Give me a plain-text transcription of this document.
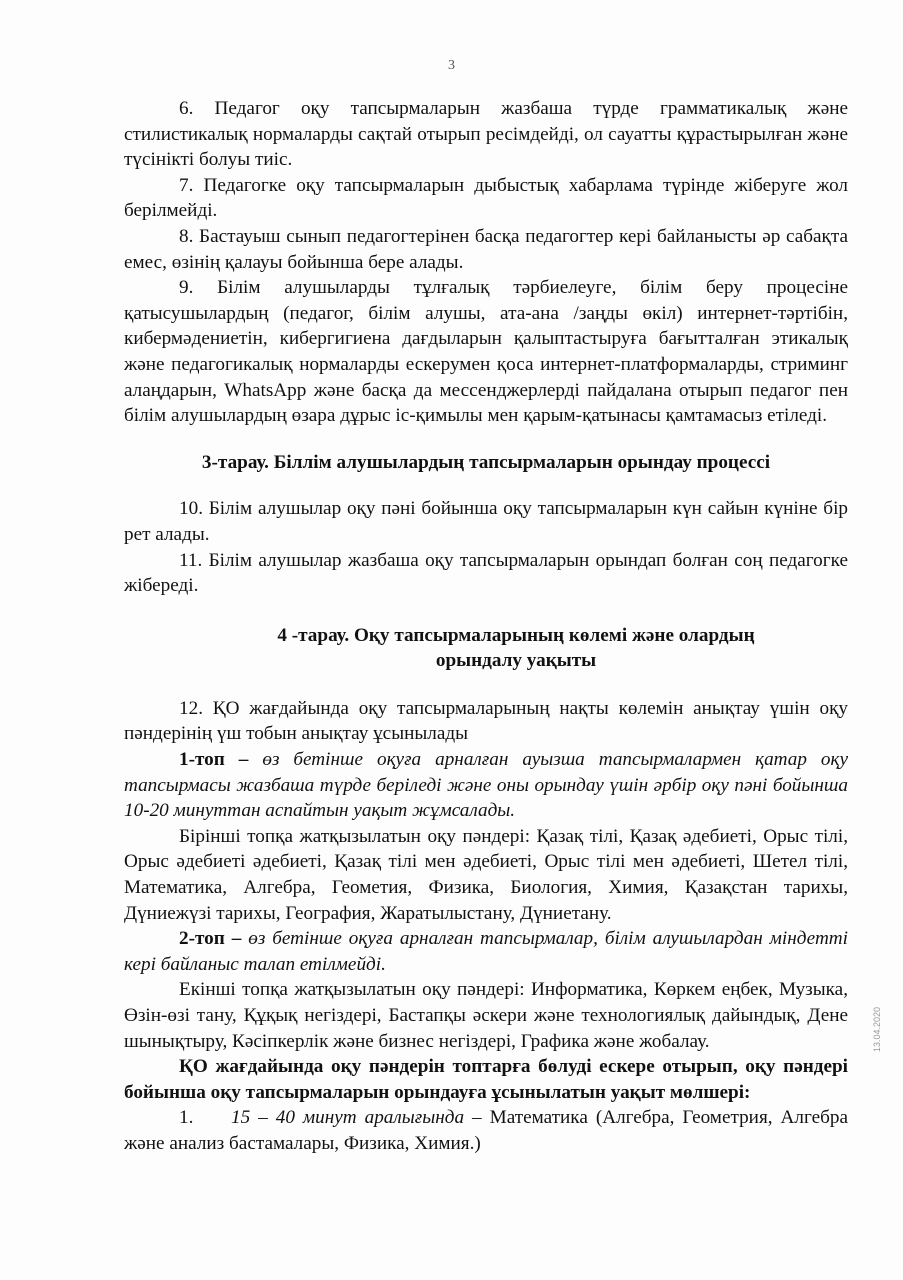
3

6. Педагог оқу тапсырмаларын жазбаша түрде грамматикалық және стилистикалық нормаларды сақтай отырып ресімдейді, ол сауатты құрастырылған және түсінікті болуы тиіс.

7. Педагогке оқу тапсырмаларын дыбыстық хабарлама түрінде жіберуге жол берілмейді.

8. Бастауыш сынып педагогтерінен басқа педагогтер кері байланысты әр сабақта емес, өзінің қалауы бойынша бере алады.

9. Білім алушыларды тұлғалық тәрбиелеуге, білім беру процесіне қатысушылардың (педагог, білім алушы, ата-ана /заңды өкіл) интернет-тәртібін, кибермәдениетін, кибергигиена дағдыларын қалыптастыруға бағытталған этикалық және педагогикалық нормаларды ескерумен қоса интернет-платформаларды, стриминг алаңдарын, WhatsApp және басқа да мессенджерлерді пайдалана отырып педагог пен білім алушылардың өзара дұрыс іс-қимылы мен қарым-қатынасы қамтамасыз етіледі.

3-тарау. Біллім алушылардың тапсырмаларын орындау процессі

10. Білім алушылар оқу пәні бойынша оқу тапсырмаларын күн сайын күніне бір рет алады.

11. Білім алушылар жазбаша оқу тапсырмаларын орындап болған соң педагогке жібереді.

4 -тарау. Оқу тапсырмаларының көлемі және олардың
орындалу уақыты

12. ҚО жағдайында оқу тапсырмаларының нақты көлемін анықтау үшін оқу пәндерінің үш тобын анықтау ұсынылады

1-топ – өз бетінше оқуға арналған ауызша тапсырмалармен қатар оқу тапсырмасы жазбаша түрде беріледі және оны орындау үшін әрбір оқу пәні бойынша 10-20 минуттан аспайтын уақыт жұмсалады.

Бірінші топқа жатқызылатын оқу пәндері: Қазақ тілі, Қазақ әдебиеті, Орыс тілі, Орыс әдебиеті әдебиеті, Қазақ тілі мен әдебиеті, Орыс тілі мен әдебиеті, Шетел тілі, Математика, Алгебра, Геометия, Физика, Биология, Химия, Қазақстан тарихы, Дүниежүзі тарихы, География, Жаратылыстану, Дүниетану.

2-топ – өз бетінше оқуға арналған тапсырмалар, білім алушылардан міндетті кері байланыс талап етілмейді.

Екінші топқа жатқызылатын оқу пәндері: Информатика, Көркем еңбек, Музыка, Өзін-өзі тану, Құқық негіздері, Бастапқы әскери және технологиялық дайындық, Дене шынықтыру, Кәсіпкерлік және бизнес негіздері, Графика және жобалау.

ҚО жағдайында оқу пәндерін топтарға бөлуді ескере отырып, оқу пәндері бойынша оқу тапсырмаларын орындауға ұсынылатын уақыт мөлшері:

1. 15 – 40 минут аралығында – Математика (Алгебра, Геометрия, Алгебра және анализ бастамалары, Физика, Химия.)

13.04.2020
